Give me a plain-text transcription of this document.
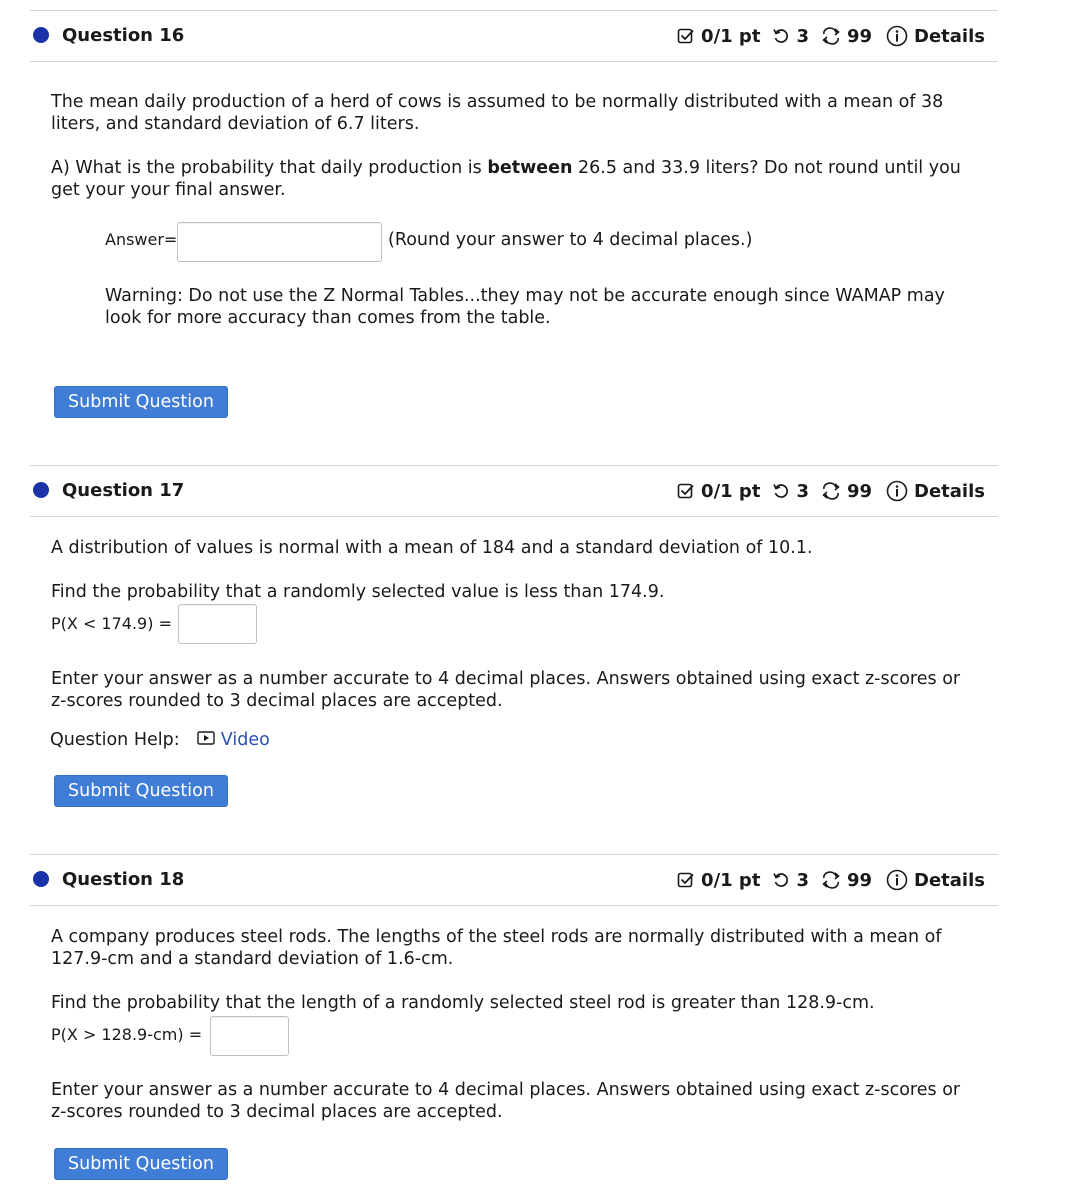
Question 16	0/1 pt 3 99 Details
The mean daily production of a herd of cows is assumed to be normally distributed with a mean of 38 liters, and standard deviation of 6.7 liters.
A) What is the probability that daily production is between 26.5 and 33.9 liters? Do not round until you get your your final answer.
Answer=	(Round your answer to 4 decimal places.)
Warning: Do not use the Z Normal Tables...they may not be accurate enough since WAMAP may look for more accuracy than comes from the table.
Submit Question
Question 17	0/1 pt 3 99 Details
A distribution of values is normal with a mean of 184 and a standard deviation of 10.1.
Find the probability that a randomly selected value is less than 174.9.
P(X < 174.9) =
Enter your answer as a number accurate to 4 decimal places. Answers obtained using exact z-scores or z-scores rounded to 3 decimal places are accepted.
Question Help: Video
Submit Question
Question 18	0/1 pt 3 99 Details
A company produces steel rods. The lengths of the steel rods are normally distributed with a mean of 127.9-cm and a standard deviation of 1.6-cm.
Find the probability that the length of a randomly selected steel rod is greater than 128.9-cm.
P(X > 128.9-cm) =
Enter your answer as a number accurate to 4 decimal places. Answers obtained using exact z-scores or z-scores rounded to 3 decimal places are accepted.
Submit Question
